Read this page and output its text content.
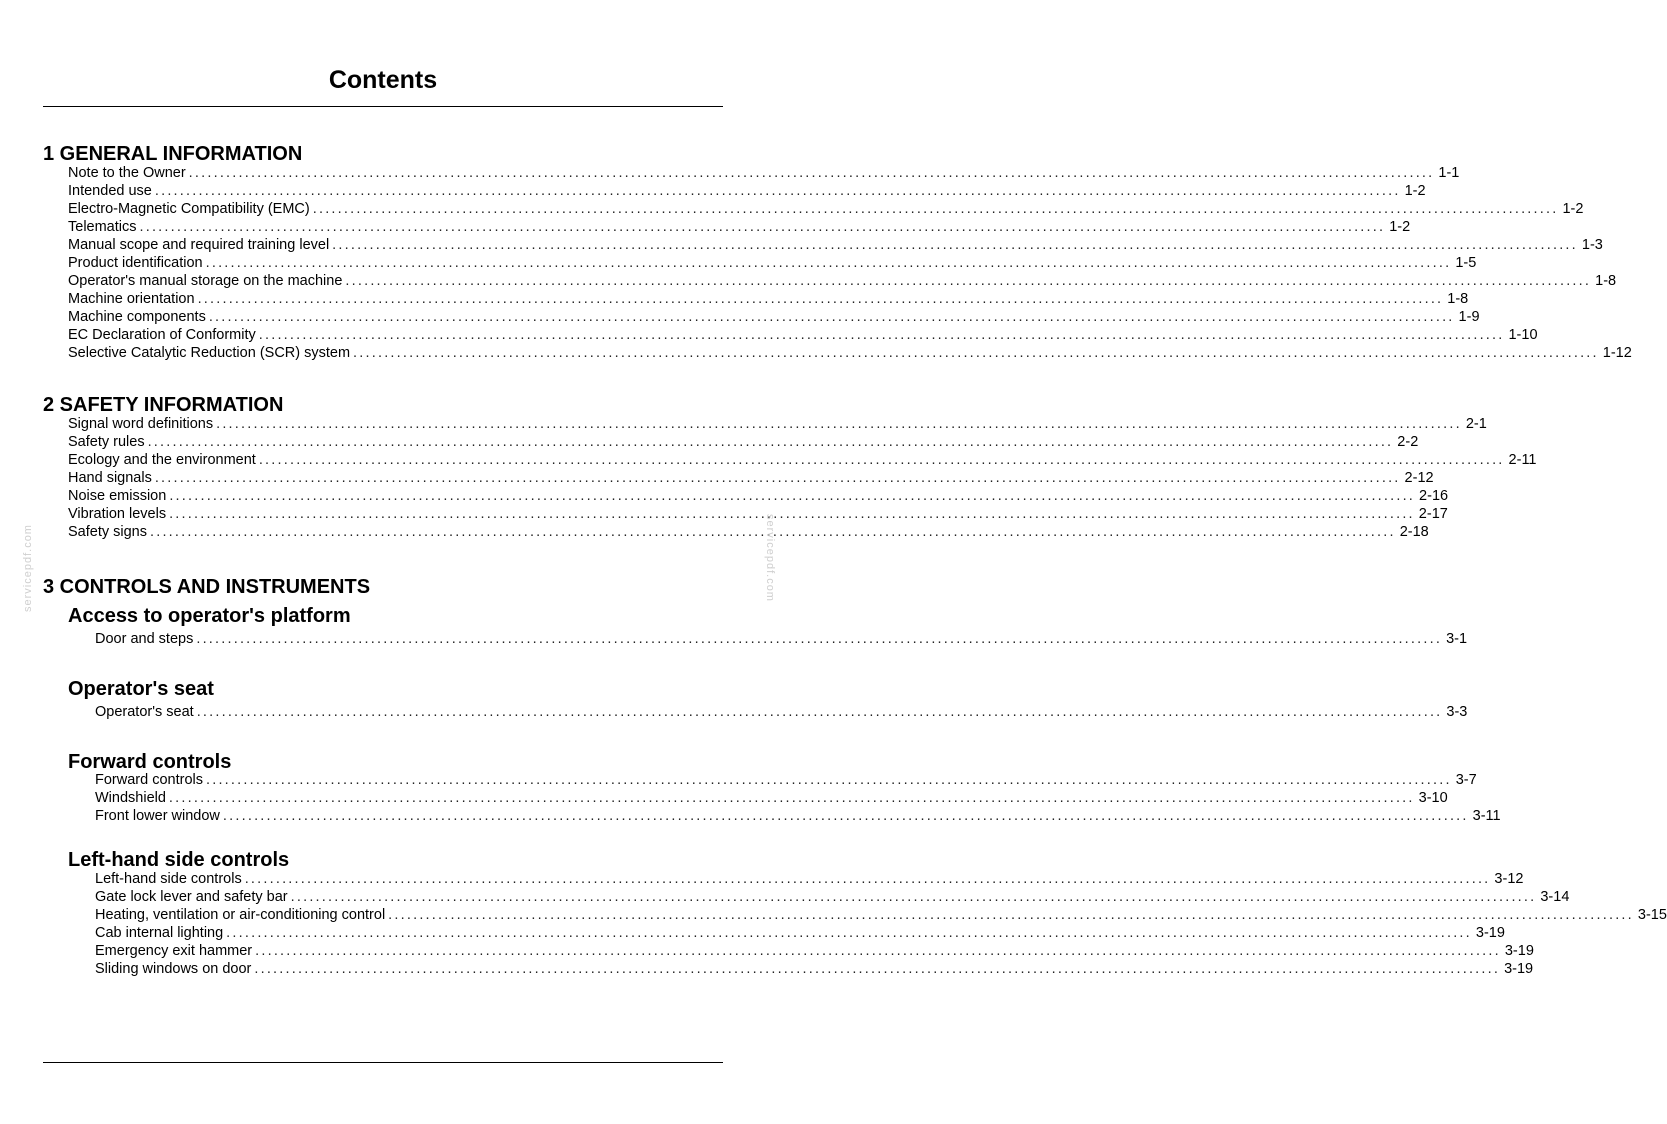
Contents
1 GENERAL INFORMATION
Note to the Owner ........................................................................................................................................................................................................ 1-1
Intended use ........................................................................................................................................................................................................ 1-2
Electro-Magnetic Compatibility (EMC) ........................................................................................................................................................................................................ 1-2
Telematics ........................................................................................................................................................................................................ 1-2
Manual scope and required training level ........................................................................................................................................................................................................ 1-3
Product identification ........................................................................................................................................................................................................ 1-5
Operator's manual storage on the machine ........................................................................................................................................................................................................ 1-8
Machine orientation ........................................................................................................................................................................................................ 1-8
Machine components ........................................................................................................................................................................................................ 1-9
EC Declaration of Conformity ........................................................................................................................................................................................................ 1-10
Selective Catalytic Reduction (SCR) system ........................................................................................................................................................................................................ 1-12
2 SAFETY INFORMATION
Signal word definitions ........................................................................................................................................................................................................ 2-1
Safety rules ........................................................................................................................................................................................................ 2-2
Ecology and the environment ........................................................................................................................................................................................................ 2-11
Hand signals ........................................................................................................................................................................................................ 2-12
Noise emission ........................................................................................................................................................................................................ 2-16
Vibration levels ........................................................................................................................................................................................................ 2-17
Safety signs ........................................................................................................................................................................................................ 2-18
3 CONTROLS AND INSTRUMENTS
Access to operator's platform
Door and steps ........................................................................................................................................................................................................ 3-1
Operator's seat
Operator's seat ........................................................................................................................................................................................................ 3-3
Forward controls
Forward controls ........................................................................................................................................................................................................ 3-7
Windshield ........................................................................................................................................................................................................ 3-10
Front lower window ........................................................................................................................................................................................................ 3-11
Left-hand side controls
Left-hand side controls ........................................................................................................................................................................................................ 3-12
Gate lock lever and safety bar ........................................................................................................................................................................................................ 3-14
Heating, ventilation or air-conditioning control ........................................................................................................................................................................................................ 3-15
Cab internal lighting ........................................................................................................................................................................................................ 3-19
Emergency exit hammer ........................................................................................................................................................................................................ 3-19
Sliding windows on door ........................................................................................................................................................................................................ 3-19
servicepdf.com	servicepdf.com
